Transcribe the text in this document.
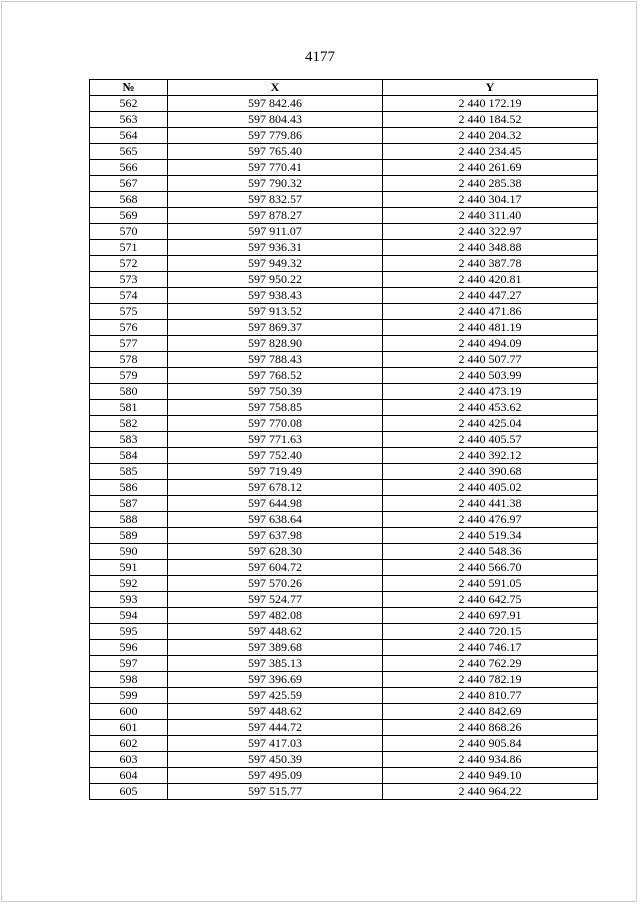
4177
№	X	Y
562	597 842.46	2 440 172.19
563	597 804.43	2 440 184.52
564	597 779.86	2 440 204.32
565	597 765.40	2 440 234.45
566	597 770.41	2 440 261.69
567	597 790.32	2 440 285.38
568	597 832.57	2 440 304.17
569	597 878.27	2 440 311.40
570	597 911.07	2 440 322.97
571	597 936.31	2 440 348.88
572	597 949.32	2 440 387.78
573	597 950.22	2 440 420.81
574	597 938.43	2 440 447.27
575	597 913.52	2 440 471.86
576	597 869.37	2 440 481.19
577	597 828.90	2 440 494.09
578	597 788.43	2 440 507.77
579	597 768.52	2 440 503.99
580	597 750.39	2 440 473.19
581	597 758.85	2 440 453.62
582	597 770.08	2 440 425.04
583	597 771.63	2 440 405.57
584	597 752.40	2 440 392.12
585	597 719.49	2 440 390.68
586	597 678.12	2 440 405.02
587	597 644.98	2 440 441.38
588	597 638.64	2 440 476.97
589	597 637.98	2 440 519.34
590	597 628.30	2 440 548.36
591	597 604.72	2 440 566.70
592	597 570.26	2 440 591.05
593	597 524.77	2 440 642.75
594	597 482.08	2 440 697.91
595	597 448.62	2 440 720.15
596	597 389.68	2 440 746.17
597	597 385.13	2 440 762.29
598	597 396.69	2 440 782.19
599	597 425.59	2 440 810.77
600	597 448.62	2 440 842.69
601	597 444.72	2 440 868.26
602	597 417.03	2 440 905.84
603	597 450.39	2 440 934.86
604	597 495.09	2 440 949.10
605	597 515.77	2 440 964.22
